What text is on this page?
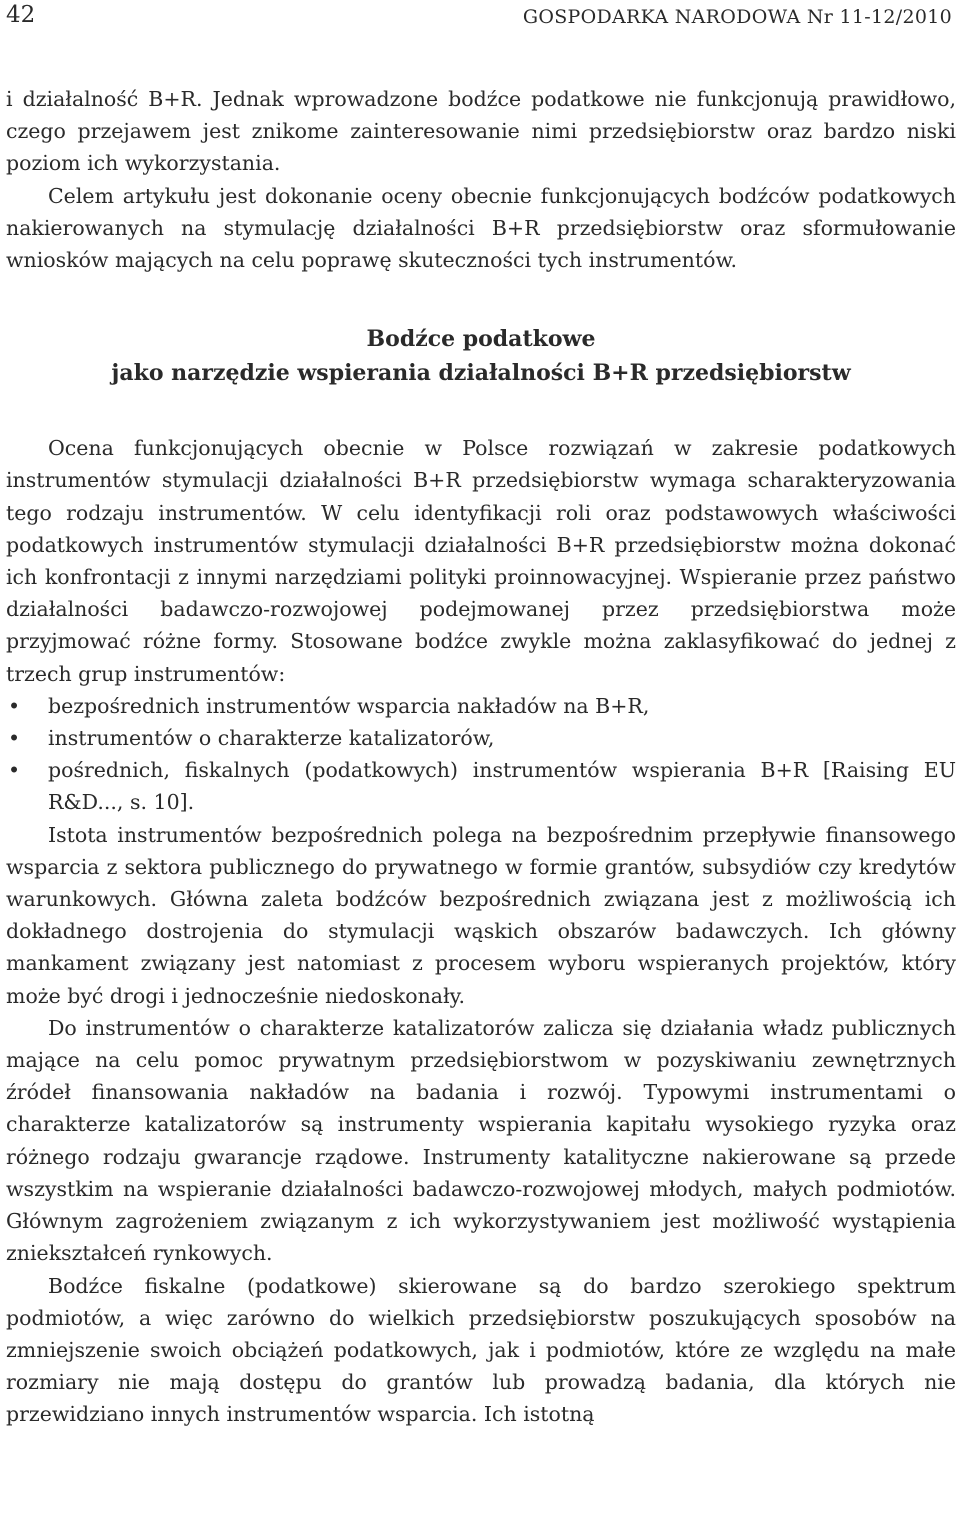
42	GOSPODARKA NARODOWA Nr 11-12/2010

i działalność B+R. Jednak wprowadzone bodźce podatkowe nie funkcjonują prawidłowo, czego przejawem jest znikome zainteresowanie nimi przedsiębiorstw oraz bardzo niski poziom ich wykorzystania.

Celem artykułu jest dokonanie oceny obecnie funkcjonujących bodźców podatkowych nakierowanych na stymulację działalności B+R przedsiębiorstw oraz sformułowanie wniosków mających na celu poprawę skuteczności tych instrumentów.

Bodźce podatkowe
jako narzędzie wspierania działalności B+R przedsiębiorstw

Ocena funkcjonujących obecnie w Polsce rozwiązań w zakresie podatkowych instrumentów stymulacji działalności B+R przedsiębiorstw wymaga scharakteryzowania tego rodzaju instrumentów. W celu identyfikacji roli oraz podstawowych właściwości podatkowych instrumentów stymulacji działalności B+R przedsiębiorstw można dokonać ich konfrontacji z innymi narzędziami polityki proinnowacyjnej. Wspieranie przez państwo działalności badawczo-rozwojowej podejmowanej przez przedsiębiorstwa może przyjmować różne formy. Stosowane bodźce zwykle można zaklasyfikować do jednej z trzech grup instrumentów:

• bezpośrednich instrumentów wsparcia nakładów na B+R,
• instrumentów o charakterze katalizatorów,
• pośrednich, fiskalnych (podatkowych) instrumentów wspierania B+R [Raising EU R&D..., s. 10].

Istota instrumentów bezpośrednich polega na bezpośrednim przepływie finansowego wsparcia z sektora publicznego do prywatnego w formie grantów, subsydiów czy kredytów warunkowych. Główna zaleta bodźców bezpośrednich związana jest z możliwością ich dokładnego dostrojenia do stymulacji wąskich obszarów badawczych. Ich główny mankament związany jest natomiast z procesem wyboru wspieranych projektów, który może być drogi i jednocześnie niedoskonały.

Do instrumentów o charakterze katalizatorów zalicza się działania władz publicznych mające na celu pomoc prywatnym przedsiębiorstwom w pozyskiwaniu zewnętrznych źródeł finansowania nakładów na badania i rozwój. Typowymi instrumentami o charakterze katalizatorów są instrumenty wspierania kapitału wysokiego ryzyka oraz różnego rodzaju gwarancje rządowe. Instrumenty katalityczne nakierowane są przede wszystkim na wspieranie działalności badawczo-rozwojowej młodych, małych podmiotów. Głównym zagrożeniem związanym z ich wykorzystywaniem jest możliwość wystąpienia zniekształceń rynkowych.

Bodźce fiskalne (podatkowe) skierowane są do bardzo szerokiego spektrum podmiotów, a więc zarówno do wielkich przedsiębiorstw poszukujących sposobów na zmniejszenie swoich obciążeń podatkowych, jak i podmiotów, które ze względu na małe rozmiary nie mają dostępu do grantów lub prowadzą badania, dla których nie przewidziano innych instrumentów wsparcia. Ich istotną
